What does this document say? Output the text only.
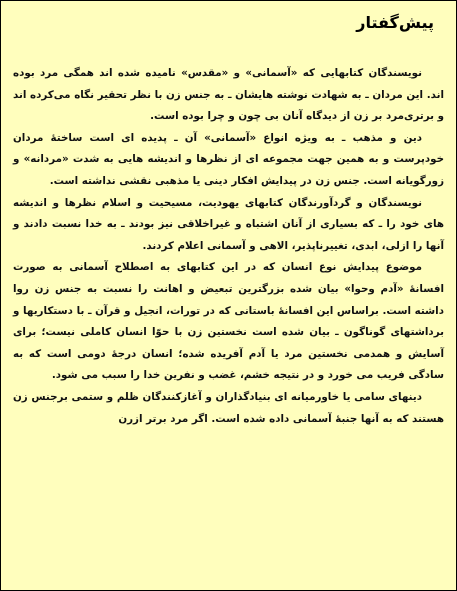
پیش‌گفتار

نویسندگان کتابهایی که «آسمانی» و «مقدس» نامیده شده اند همگی مرد بوده اند. این مردان ـ به شهادت نوشته هایشان ـ به جنس زن با نظر تحقیر نگاه می‌کرده اند و برتری‌مرد بر زن از دیدگاه آنان بی چون و چرا بوده است.

دین و مذهب ـ به ویژه انواع «آسمانی» آن ـ پدیده ای است ساختهٔ مردان خودپرست و به همین جهت مجموعه ای از نظرها و اندیشه هایی به شدت «مردانه» و زورگویانه است. جنس زن در پیدایش افکار دینی یا مذهبی نقشی نداشته است.

نویسندگان و گردآورندگان کتابهای یهودیت، مسیحیت و اسلام نظرها و اندیشه های خود را ـ که بسیاری از آنان اشتباه و غیراخلاقی نیز بودند ـ به خدا نسبت دادند و آنها را ازلی، ابدی، تغییرناپذیر، الاهی و آسمانی اعلام کردند.

موضوع پیدایش نوع انسان که در این کتابهای به اصطلاح آسمانی به صورت افسانهٔ «آدم وحوا» بیان شده بزرگترین تبعیض و اهانت را نسبت به جنس زن روا داشته است. براساس این افسانهٔ باستانی که در تورات، انجیل و قرآن ـ با دستکاریها و برداشتهای گوناگون ـ بیان شده است نخستین زن با حوّا انسان کاملی نیست؛ برای آسایش و همدمی نخستین مرد یا آدم آفریده شده؛ انسان درجهٔ دومی است که به سادگی فریب می خورد و در نتیجه خشم، غضب و نفرین خدا را سبب می شود.

دینهای سامی یا خاورمیانه ای بنیادگذاران و آغازکنندگان ظلم و ستمی برجنس زن هستند که به آنها جنبهٔ آسمانی داده شده است. اگر مرد برتر ازرن
